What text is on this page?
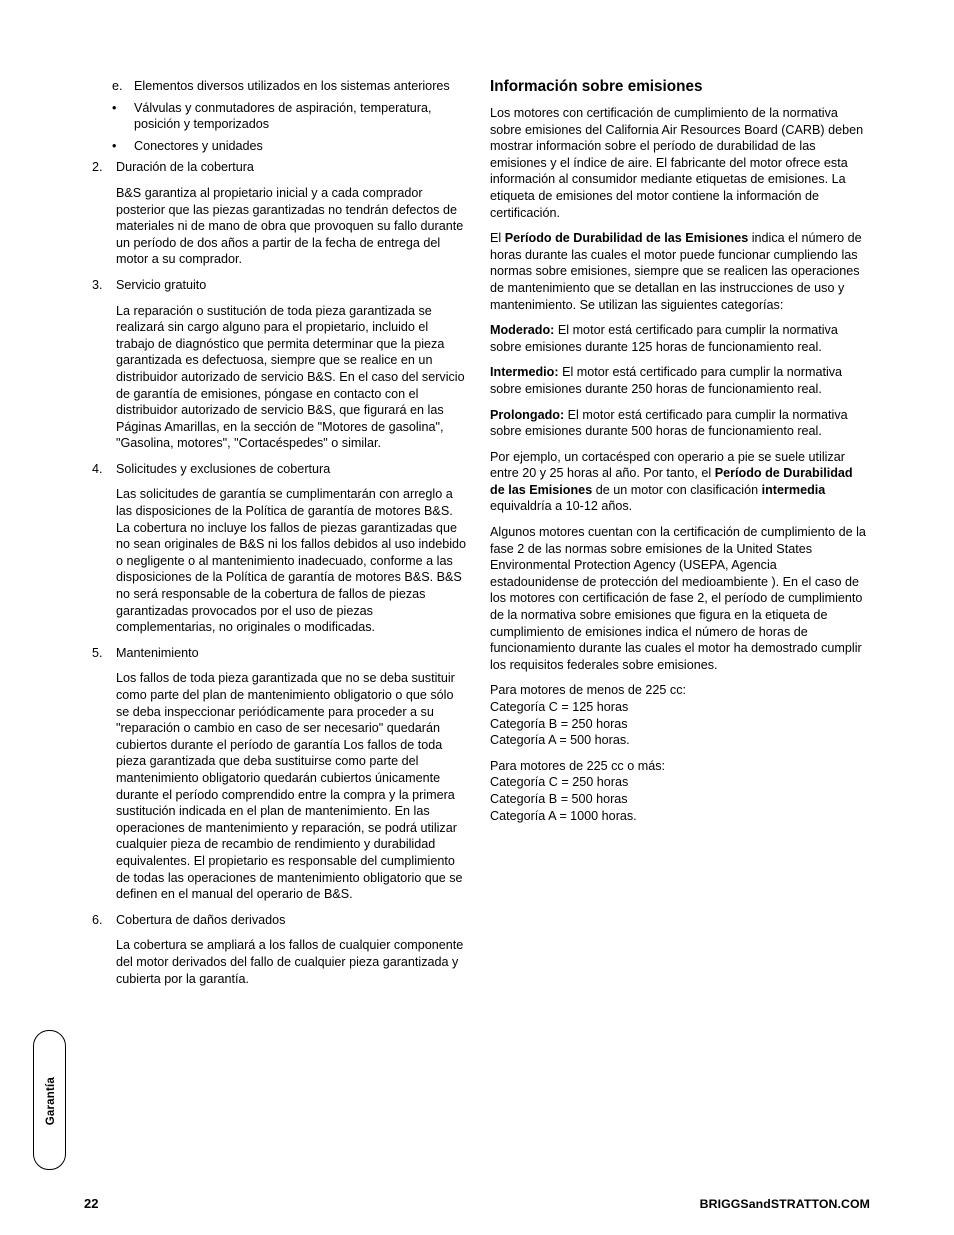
Garantía
e. Elementos diversos utilizados en los sistemas anteriores
•	Válvulas y conmutadores de aspiración, temperatura, posición y temporizados
•	Conectores y unidades
2.	Duración de la cobertura

B&S garantiza al propietario inicial y a cada comprador posterior que las piezas garantizadas no tendrán defectos de materiales ni de mano de obra que provoquen su fallo durante un período de dos años a partir de la fecha de entrega del motor a su comprador.

3.	Servicio gratuito

La reparación o sustitución de toda pieza garantizada se realizará sin cargo alguno para el propietario, incluido el trabajo de diagnóstico que permita determinar que la pieza garantizada es defectuosa, siempre que se realice en un distribuidor autorizado de servicio B&S. En el caso del servicio de garantía de emisiones, póngase en contacto con el distribuidor autorizado de servicio B&S, que figurará en las Páginas Amarillas, en la sección de "Motores de gasolina", "Gasolina, motores", "Cortacéspedes" o similar.

4.	Solicitudes y exclusiones de cobertura

Las solicitudes de garantía se cumplimentarán con arreglo a las disposiciones de la Política de garantía de motores B&S. La cobertura no incluye los fallos de piezas garantizadas que no sean originales de B&S ni los fallos debidos al uso indebido o negligente o al mantenimiento inadecuado, conforme a las disposiciones de la Política de garantía de motores B&S. B&S no será responsable de la cobertura de fallos de piezas garantizadas provocados por el uso de piezas complementarias, no originales o modificadas.

5.	Mantenimiento

Los fallos de toda pieza garantizada que no se deba sustituir como parte del plan de mantenimiento obligatorio o que sólo se deba inspeccionar periódicamente para proceder a su "reparación o cambio en caso de ser necesario" quedarán cubiertos durante el período de garantía Los fallos de toda pieza garantizada que deba sustituirse como parte del mantenimiento obligatorio quedarán cubiertos únicamente durante el período comprendido entre la compra y la primera sustitución indicada en el plan de mantenimiento. En las operaciones de mantenimiento y reparación, se podrá utilizar cualquier pieza de recambio de rendimiento y durabilidad equivalentes. El propietario es responsable del cumplimiento de todas las operaciones de mantenimiento obligatorio que se definen en el manual del operario de B&S.

6.	Cobertura de daños derivados

La cobertura se ampliará a los fallos de cualquier componente del motor derivados del fallo de cualquier pieza garantizada y cubierta por la garantía.

Información sobre emisiones

Los motores con certificación de cumplimiento de la normativa sobre emisiones del California Air Resources Board (CARB) deben mostrar información sobre el período de durabilidad de las emisiones y el índice de aire. El fabricante del motor ofrece esta información al consumidor mediante etiquetas de emisiones. La etiqueta de emisiones del motor contiene la información de certificación.

El Período de Durabilidad de las Emisiones indica el número de horas durante las cuales el motor puede funcionar cumpliendo las normas sobre emisiones, siempre que se realicen las operaciones de mantenimiento que se detallan en las instrucciones de uso y mantenimiento. Se utilizan las siguientes categorías:

Moderado: El motor está certificado para cumplir la normativa sobre emisiones durante 125 horas de funcionamiento real.

Intermedio: El motor está certificado para cumplir la normativa sobre emisiones durante 250 horas de funcionamiento real.

Prolongado: El motor está certificado para cumplir la normativa sobre emisiones durante 500 horas de funcionamiento real.

Por ejemplo, un cortacésped con operario a pie se suele utilizar entre 20 y 25 horas al año. Por tanto, el Período de Durabilidad de las Emisiones de un motor con clasificación intermedia equivaldría a 10-12 años.

Algunos motores cuentan con la certificación de cumplimiento de la fase 2 de las normas sobre emisiones de la United States Environmental Protection Agency (USEPA, Agencia estadounidense de protección del medioambiente ). En el caso de los motores con certificación de fase 2, el período de cumplimiento de la normativa sobre emisiones que figura en la etiqueta de cumplimiento de emisiones indica el número de horas de funcionamiento durante las cuales el motor ha demostrado cumplir los requisitos federales sobre emisiones.

Para motores de menos de 225 cc:

Categoría C = 125 horas

Categoría B = 250 horas

Categoría A = 500 horas.

Para motores de 225 cc o más:

Categoría C = 250 horas

Categoría B = 500 horas

Categoría A = 1000 horas.

22	BRIGGSandSTRATTON.COM
